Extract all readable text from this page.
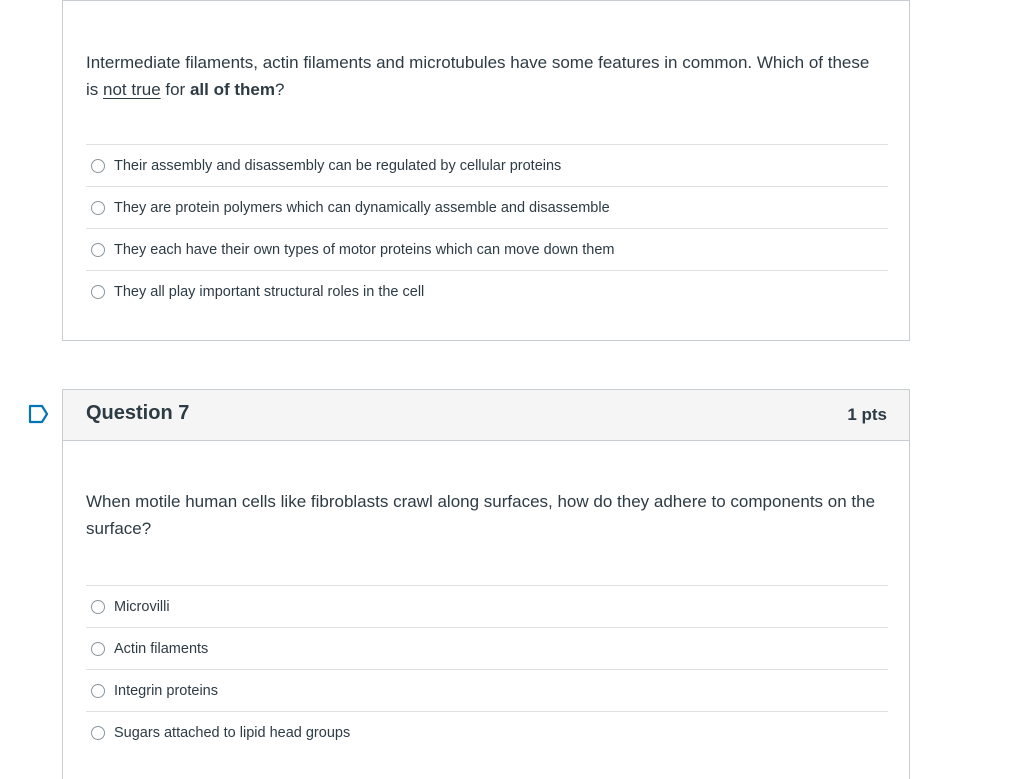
Intermediate filaments, actin filaments and microtubules have some features in common. Which of these is not true for all of them?
Their assembly and disassembly can be regulated by cellular proteins
They are protein polymers which can dynamically assemble and disassemble
They each have their own types of motor proteins which can move down them
They all play important structural roles in the cell
Question 7	1 pts
When motile human cells like fibroblasts crawl along surfaces, how do they adhere to components on the surface?
Microvilli
Actin filaments
Integrin proteins
Sugars attached to lipid head groups
